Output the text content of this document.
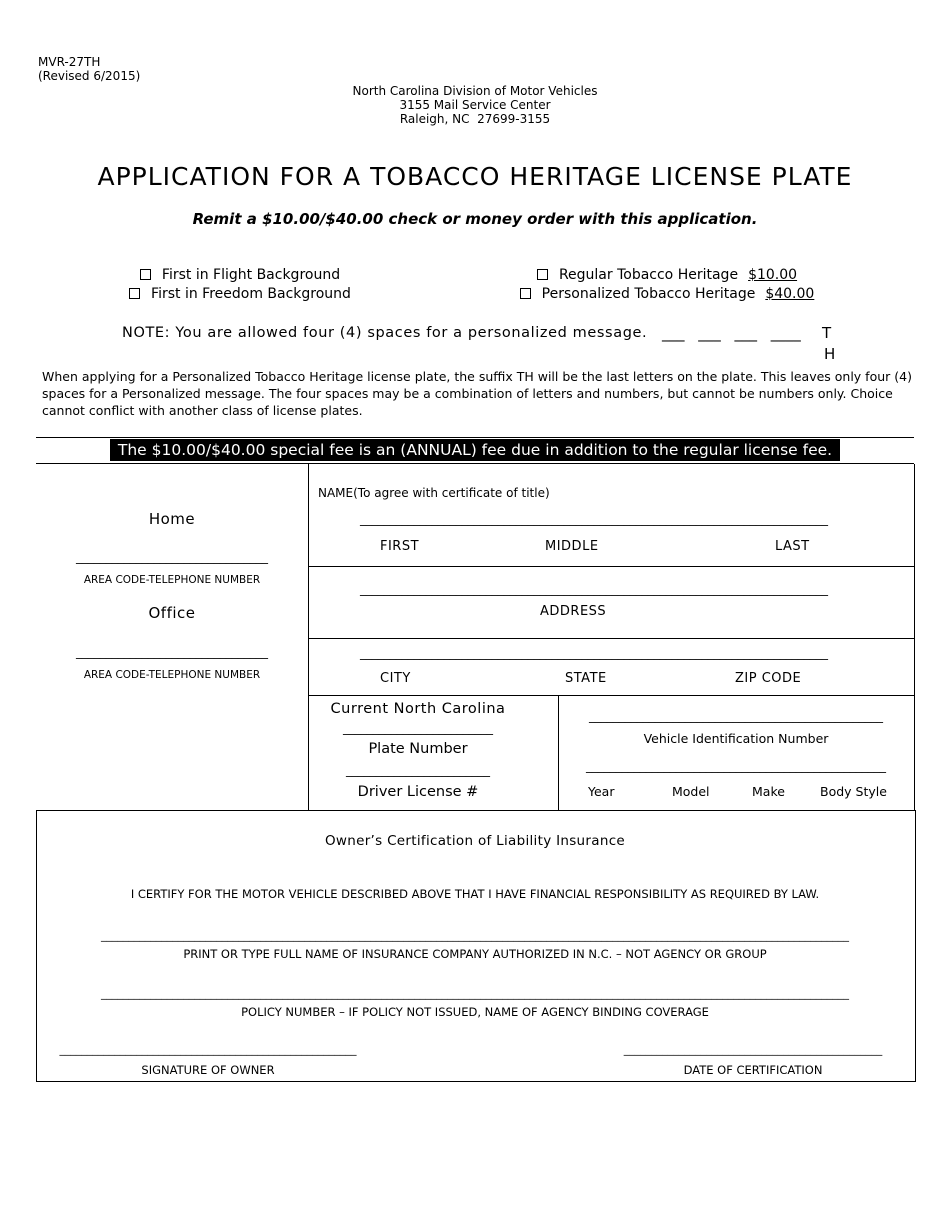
MVR-27TH
(Revised 6/2015)
North Carolina Division of Motor Vehicles
3155 Mail Service Center
Raleigh, NC  27699-3155
APPLICATION FOR A TOBACCO HERITAGE LICENSE PLATE
Remit a $10.00/$40.00 check or money order with this application.
First in Flight Background
First in Freedom Background
Regular Tobacco Heritage $10.00
Personalized Tobacco Heritage $40.00
NOTE: You are allowed four (4) spaces for a personalized message. ___ ___ ___ ____ T
H
When applying for a Personalized Tobacco Heritage license plate, the suffix TH will be the last letters on the plate. This leaves only four (4) spaces for a Personalized message. The four spaces may be a combination of letters and numbers, but cannot be numbers only. Choice cannot conflict with another class of license plates.
The $10.00/$40.00 special fee is an (ANNUAL) fee due in addition to the regular license fee.
Home
________________________________
AREA CODE-TELEPHONE NUMBER
Office
________________________________
AREA CODE-TELEPHONE NUMBER
NAME(To agree with certificate of title)
______________________________________________________________________________
FIRST	MIDDLE	LAST
______________________________________________________________________________
ADDRESS
______________________________________________________________________________
CITY	STATE	ZIP CODE
Current North Carolina
_________________________
Plate Number
________________________
Driver License #
_________________________________________________
Vehicle Identification Number
__________________________________________________
Year	Model	Make	Body Style
Owner’s Certification of Liability Insurance
I CERTIFY FOR THE MOTOR VEHICLE DESCRIBED ABOVE THAT I HAVE FINANCIAL RESPONSIBILITY AS REQUIRED BY LAW.
________________________________________________________________________________________________________________________________________
PRINT OR TYPE FULL NAME OF INSURANCE COMPANY AUTHORIZED IN N.C. – NOT AGENCY OR GROUP
________________________________________________________________________________________________________________________________________
POLICY NUMBER – IF POLICY NOT ISSUED, NAME OF AGENCY BINDING COVERAGE
______________________________________________________
SIGNATURE OF OWNER
_______________________________________________
DATE OF CERTIFICATION
